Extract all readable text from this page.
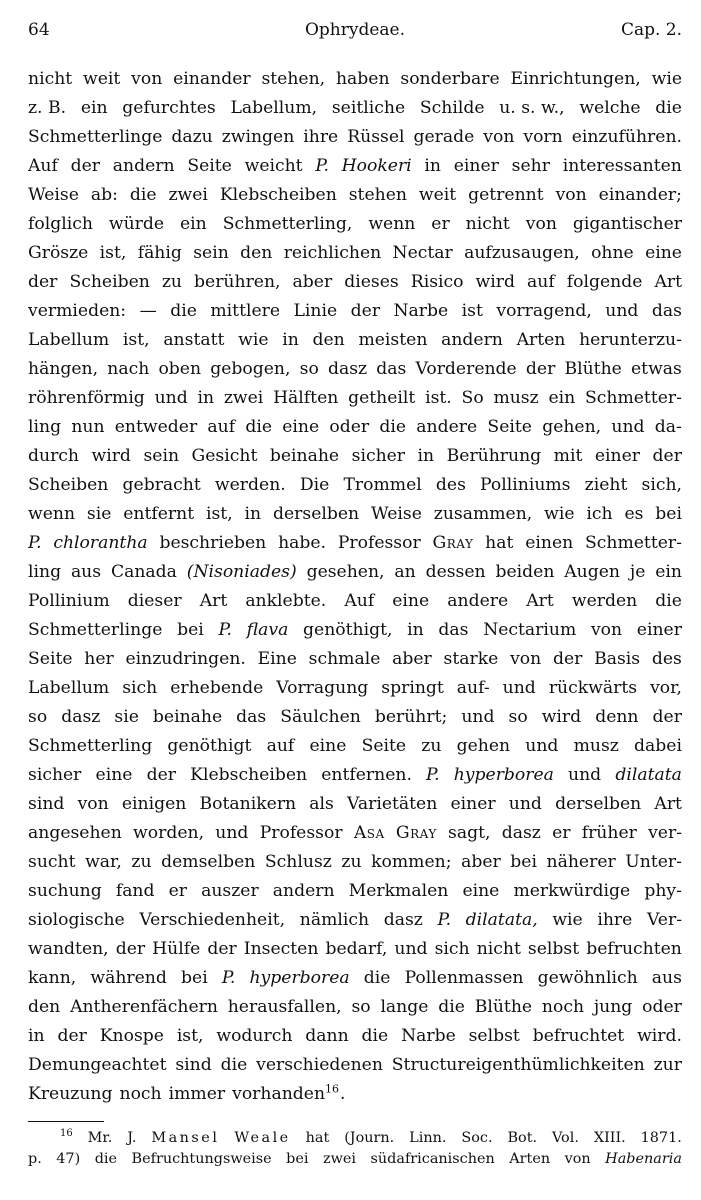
64	Ophrydeae.	Cap. 2.
nicht weit von einander stehen, haben sonderbare Einrichtungen, wie
z. B. ein gefurchtes Labellum, seitliche Schilde u. s. w., welche die
Schmetterlinge dazu zwingen ihre Rüssel gerade von vorn einzuführen.
Auf der andern Seite weicht P. Hookeri in einer sehr interessanten
Weise ab: die zwei Klebscheiben stehen weit getrennt von einander;
folglich würde ein Schmetterling, wenn er nicht von gigantischer
Grösze ist, fähig sein den reichlichen Nectar aufzusaugen, ohne eine
der Scheiben zu berühren, aber dieses Risico wird auf folgende Art
vermieden: — die mittlere Linie der Narbe ist vorragend, und das
Labellum ist, anstatt wie in den meisten andern Arten herunterzu-
hängen, nach oben gebogen, so dasz das Vorderende der Blüthe etwas
röhrenförmig und in zwei Hälften getheilt ist. So musz ein Schmetter-
ling nun entweder auf die eine oder die andere Seite gehen, und da-
durch wird sein Gesicht beinahe sicher in Berührung mit einer der
Scheiben gebracht werden. Die Trommel des Polliniums zieht sich,
wenn sie entfernt ist, in derselben Weise zusammen, wie ich es bei
P. chlorantha beschrieben habe. Professor Gray hat einen Schmetter-
ling aus Canada (Nisoniades) gesehen, an dessen beiden Augen je ein
Pollinium dieser Art anklebte. Auf eine andere Art werden die
Schmetterlinge bei P. flava genöthigt, in das Nectarium von einer
Seite her einzudringen. Eine schmale aber starke von der Basis des
Labellum sich erhebende Vorragung springt auf- und rückwärts vor,
so dasz sie beinahe das Säulchen berührt; und so wird denn der
Schmetterling genöthigt auf eine Seite zu gehen und musz dabei
sicher eine der Klebscheiben entfernen. P. hyperborea und dilatata
sind von einigen Botanikern als Varietäten einer und derselben Art
angesehen worden, und Professor Asa Gray sagt, dasz er früher ver-
sucht war, zu demselben Schlusz zu kommen; aber bei näherer Unter-
suchung fand er auszer andern Merkmalen eine merkwürdige phy-
siologische Verschiedenheit, nämlich dasz P. dilatata, wie ihre Ver-
wandten, der Hülfe der Insecten bedarf, und sich nicht selbst befruchten
kann, während bei P. hyperborea die Pollenmassen gewöhnlich aus
den Antherenfächern herausfallen, so lange die Blüthe noch jung oder
in der Knospe ist, wodurch dann die Narbe selbst befruchtet wird.
Demungeachtet sind die verschiedenen Structureigenthümlichkeiten zur
Kreuzung noch immer vorhanden$^{16}$ .
$^{16}$ Mr. J. Mansel Weale hat (Journ. Linn. Soc. Bot. Vol. XIII. 1871.
p. 47) die Befruchtungsweise bei zwei südafricanischen Arten von Habenaria
